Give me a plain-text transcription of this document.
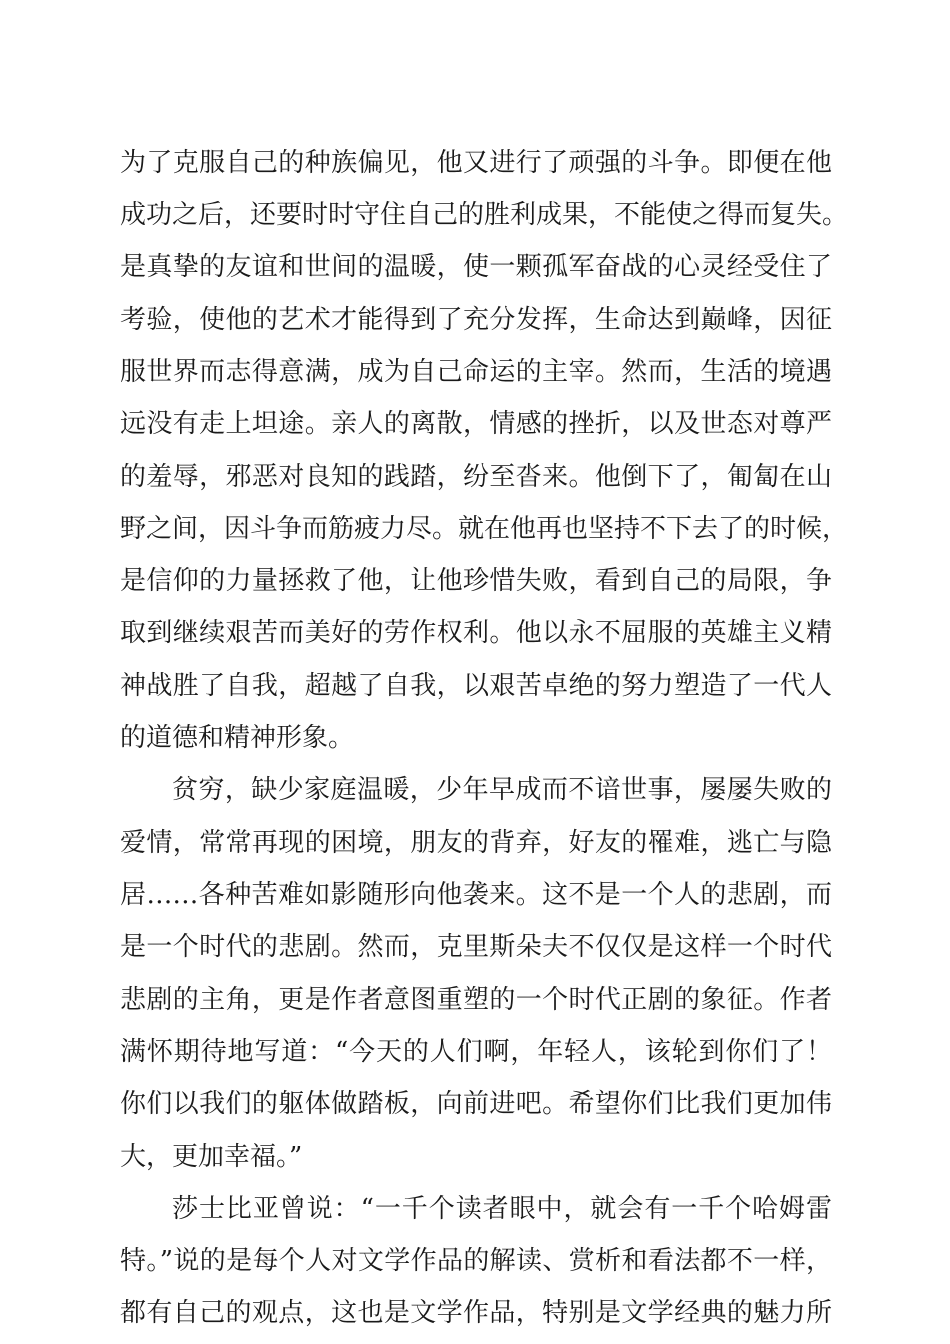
为了克服自己的种族偏见，他又进行了顽强的斗争。即便在他
成功之后，还要时时守住自己的胜利成果，不能使之得而复失。
是真挚的友谊和世间的温暖，使一颗孤军奋战的心灵经受住了
考验，使他的艺术才能得到了充分发挥，生命达到巅峰，因征
服世界而志得意满，成为自己命运的主宰。然而，生活的境遇
远没有走上坦途。亲人的离散，情感的挫折，以及世态对尊严
的羞辱，邪恶对良知的践踏，纷至沓来。他倒下了，匍匐在山
野之间，因斗争而筋疲力尽。就在他再也坚持不下去了的时候，
是信仰的力量拯救了他，让他珍惜失败，看到自己的局限，争
取到继续艰苦而美好的劳作权利。他以永不屈服的英雄主义精
神战胜了自我，超越了自我，以艰苦卓绝的努力塑造了一代人
的道德和精神形象。
贫穷，缺少家庭温暖，少年早成而不谙世事，屡屡失败的
爱情，常常再现的困境，朋友的背弃，好友的罹难，逃亡与隐
居……各种苦难如影随形向他袭来。这不是一个人的悲剧，而
是一个时代的悲剧。然而，克里斯朵夫不仅仅是这样一个时代
悲剧的主角，更是作者意图重塑的一个时代正剧的象征。作者
满怀期待地写道：“今天的人们啊，年轻人，该轮到你们了！
你们以我们的躯体做踏板，向前进吧。希望你们比我们更加伟
大，更加幸福。”
莎士比亚曾说：“一千个读者眼中，就会有一千个哈姆雷
特。”说的是每个人对文学作品的解读、赏析和看法都不一样，
都有自己的观点，这也是文学作品，特别是文学经典的魅力所
